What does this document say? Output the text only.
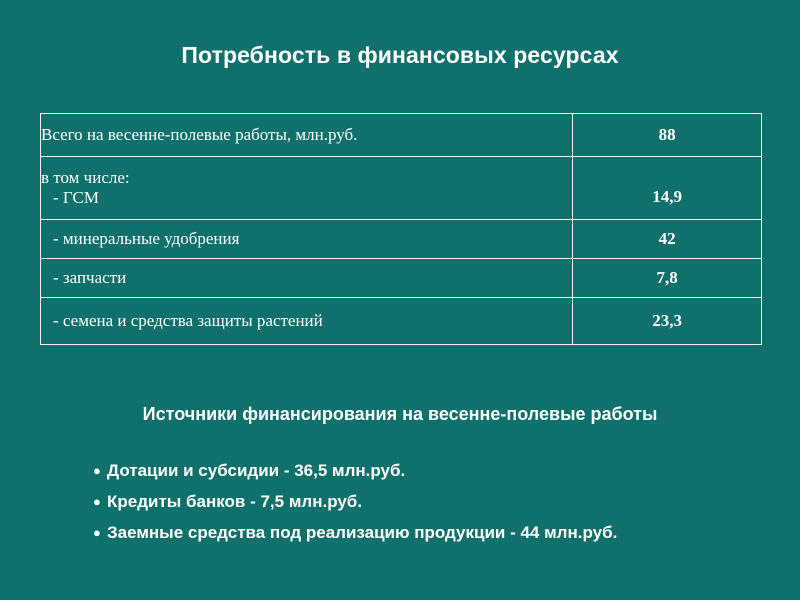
Потребность в финансовых ресурсах
Всего на весенне-полевые работы, млн.руб.	88

в том числе:
- ГСМ	14,9

- минеральные удобрения	42
- запчасти	7,8
- семена и средства защиты растений	23,3
Источники финансирования на весенне-полевые работы
● Дотации и субсидии - 36,5 млн.руб.
● Кредиты банков - 7,5 млн.руб.
● Заемные средства под реализацию продукции - 44 млн.руб.
